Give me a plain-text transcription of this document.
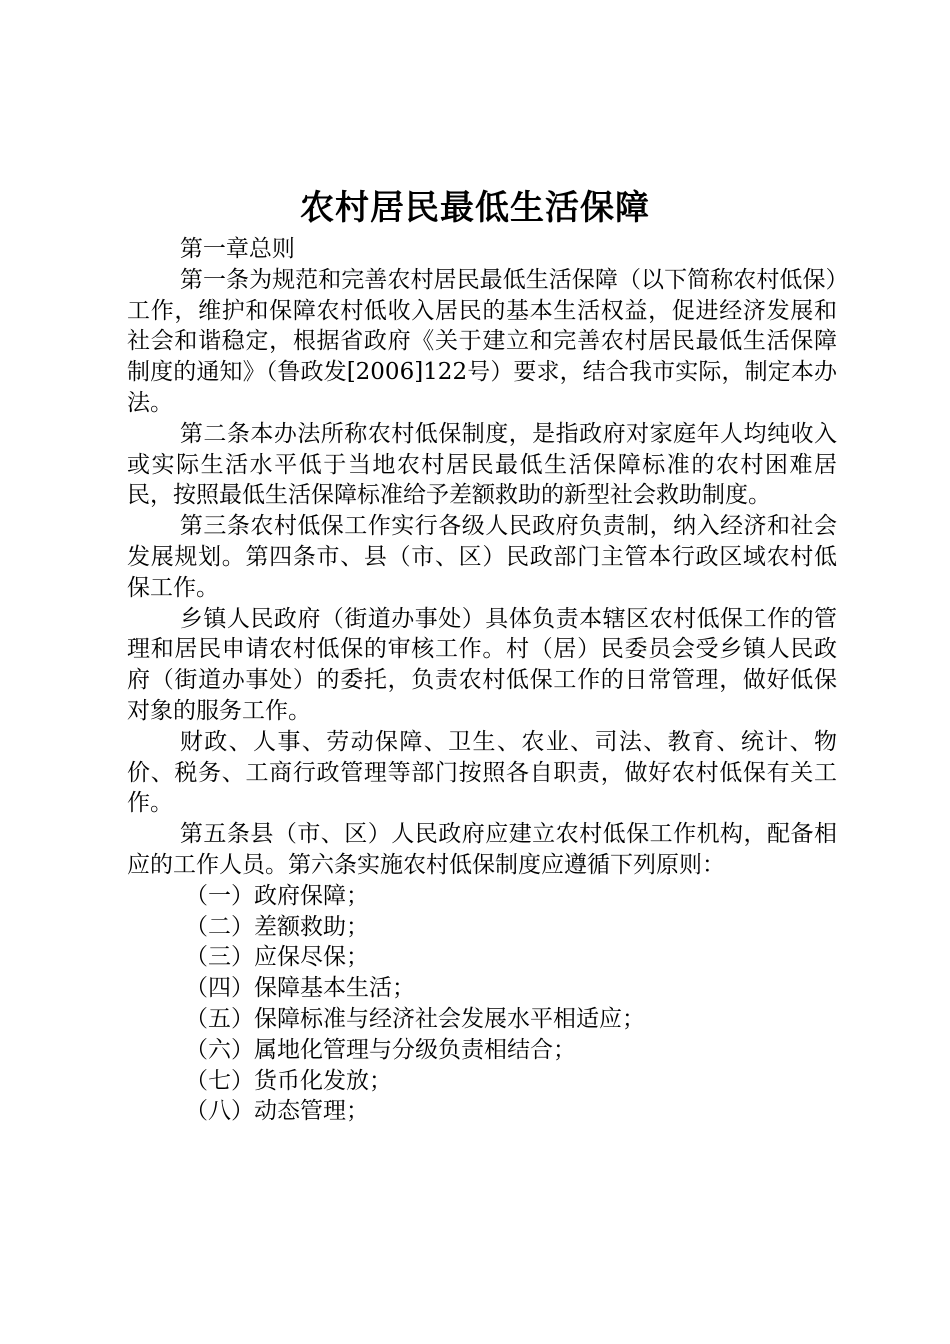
农村居民最低生活保障

第一章总则

第一条为规范和完善农村居民最低生活保障（以下简称农村低保）工作，维护和保障农村低收入居民的基本生活权益，促进经济发展和社会和谐稳定，根据省政府《关于建立和完善农村居民最低生活保障制度的通知》（鲁政发[2006]122号）要求，结合我市实际，制定本办法。

第二条本办法所称农村低保制度，是指政府对家庭年人均纯收入或实际生活水平低于当地农村居民最低生活保障标准的农村困难居民，按照最低生活保障标准给予差额救助的新型社会救助制度。

第三条农村低保工作实行各级人民政府负责制，纳入经济和社会发展规划。第四条市、县（市、区）民政部门主管本行政区域农村低保工作。

乡镇人民政府（街道办事处）具体负责本辖区农村低保工作的管理和居民申请农村低保的审核工作。村（居）民委员会受乡镇人民政府（街道办事处）的委托，负责农村低保工作的日常管理，做好低保对象的服务工作。

财政、人事、劳动保障、卫生、农业、司法、教育、统计、物价、税务、工商行政管理等部门按照各自职责，做好农村低保有关工作。

第五条县（市、区）人民政府应建立农村低保工作机构，配备相应的工作人员。第六条实施农村低保制度应遵循下列原则：

（一）政府保障；
（二）差额救助；
（三）应保尽保；
（四）保障基本生活；
（五）保障标准与经济社会发展水平相适应；
（六）属地化管理与分级负责相结合；
（七）货币化发放；
（八）动态管理；
